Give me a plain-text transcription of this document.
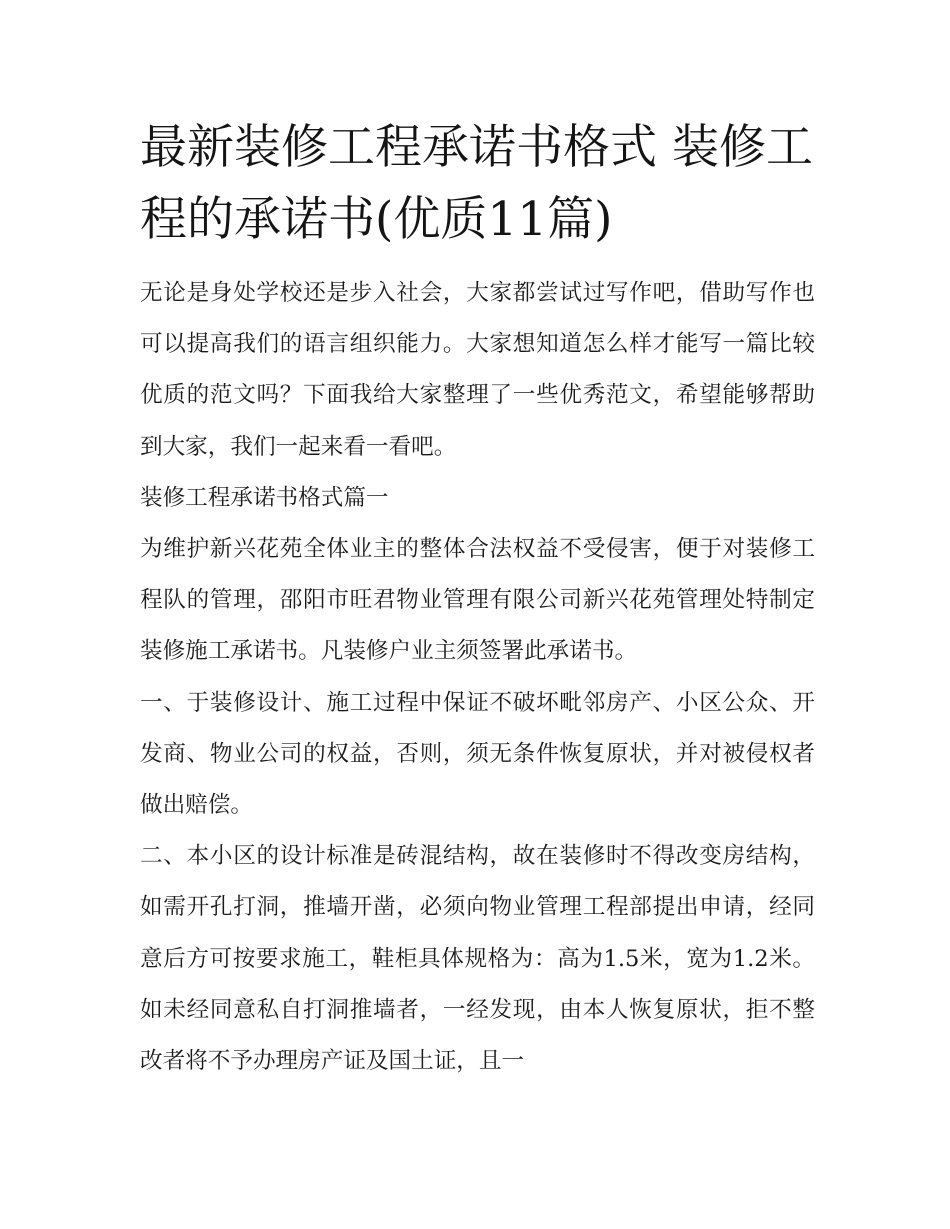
最新装修工程承诺书格式 装修工程的承诺书(优质11篇)

无论是身处学校还是步入社会，大家都尝试过写作吧，借助写作也可以提高我们的语言组织能力。大家想知道怎么样才能写一篇比较优质的范文吗？下面我给大家整理了一些优秀范文，希望能够帮助到大家，我们一起来看一看吧。

装修工程承诺书格式篇一

为维护新兴花苑全体业主的整体合法权益不受侵害，便于对装修工程队的管理，邵阳市旺君物业管理有限公司新兴花苑管理处特制定装修施工承诺书。凡装修户业主须签署此承诺书。

一、于装修设计、施工过程中保证不破坏毗邻房产、小区公众、开发商、物业公司的权益，否则，须无条件恢复原状，并对被侵权者做出赔偿。

二、本小区的设计标准是砖混结构，故在装修时不得改变房结构，如需开孔打洞，推墙开凿，必须向物业管理工程部提出申请，经同意后方可按要求施工，鞋柜具体规格为：高为1.5米，宽为1.2米。如未经同意私自打洞推墙者，一经发现，由本人恢复原状，拒不整改者将不予办理房产证及国土证，且一
